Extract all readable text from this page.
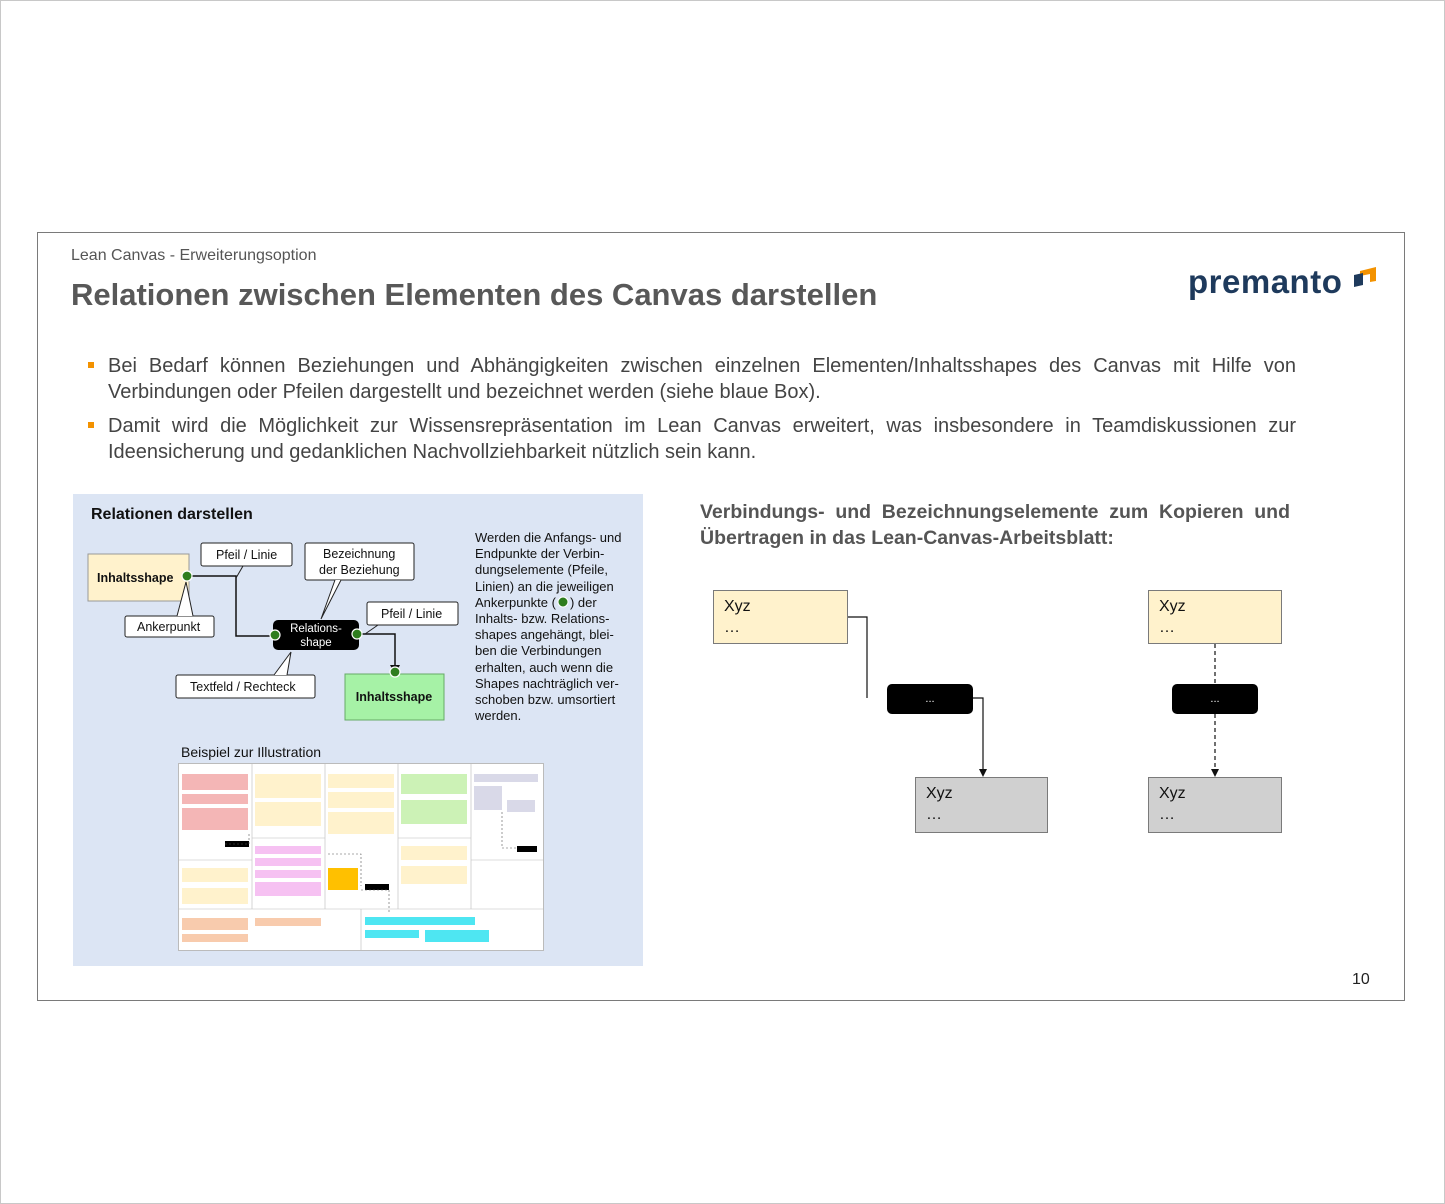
Lean Canvas - Erweiterungsoption
Relationen zwischen Elementen des Canvas darstellen	premanto
Bei Bedarf können Beziehungen und Abhängigkeiten zwischen einzelnen Elementen/Inhaltsshapes des Canvas mit Hilfe von Verbindungen oder Pfeilen dargestellt und bezeichnet werden (siehe blaue Box).
Damit wird die Möglichkeit zur Wissensrepräsentation im Lean Canvas erweitert, was insbesondere in Teamdiskussionen zur Ideensicherung und gedanklichen Nachvollziehbarkeit nützlich sein kann.
Relationen darstellen
Inhaltsshape
Pfeil / Linie	Bezeichnung
der Beziehung
Ankerpunkt	Relations-
shape
Pfeil / Linie
Textfeld / Rechteck
Inhaltsshape
Werden die Anfangs- und Endpunkte der Verbin-dungselemente (Pfeile, Linien) an die jeweiligen Ankerpunkte ( ) der Inhalts- bzw. Relations-shapes angehängt, blei-ben die Verbindungen erhalten, auch wenn die Shapes nachträglich ver-schoben bzw. umsortiert werden.
Beispiel zur Illustration
Verbindungs- und Bezeichnungselemente zum Kopieren und Übertragen in das Lean-Canvas-Arbeitsblatt:
Xyz
…
...
Xyz
…
Xyz
…
...
Xyz
…
10
